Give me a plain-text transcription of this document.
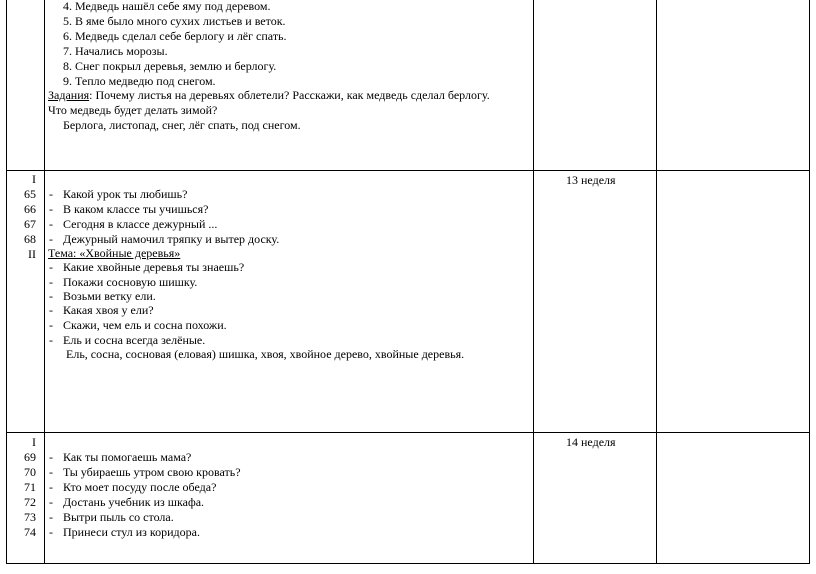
4. Медведь нашёл себе яму под деревом.
5. В яме было много сухих листьев и веток.
6. Медведь сделал себе берлогу и лёг спать.
7. Начались морозы.
8. Снег покрыл деревья, землю и берлогу.
9. Тепло медведю под снегом.
Задания: Почему листья на деревьях облетели? Расскажи, как медведь сделал берлогу.
Что медведь будет делать зимой?
Берлога, листопад, снег, лёг спать, под снегом.
I
65
66
67
68
II
13 неделя
- Какой урок ты любишь?
- В каком классе ты учишься?
- Сегодня в классе дежурный ...
- Дежурный намочил тряпку и вытер доску.
Тема: «Хвойные деревья»
- Какие хвойные деревья ты знаешь?
- Покажи сосновую шишку.
- Возьми ветку ели.
- Какая хвоя у ели?
- Скажи, чем ель и сосна похожи.
- Ель и сосна всегда зелёные.
Ель, сосна, сосновая (еловая) шишка, хвоя, хвойное дерево, хвойные деревья.
I
69
70
71
72
73
74
14 неделя
- Как ты помогаешь мама?
- Ты убираешь утром свою кровать?
- Кто моет посуду после обеда?
- Достань учебник из шкафа.
- Вытри пыль со стола.
- Принеси стул из коридора.
